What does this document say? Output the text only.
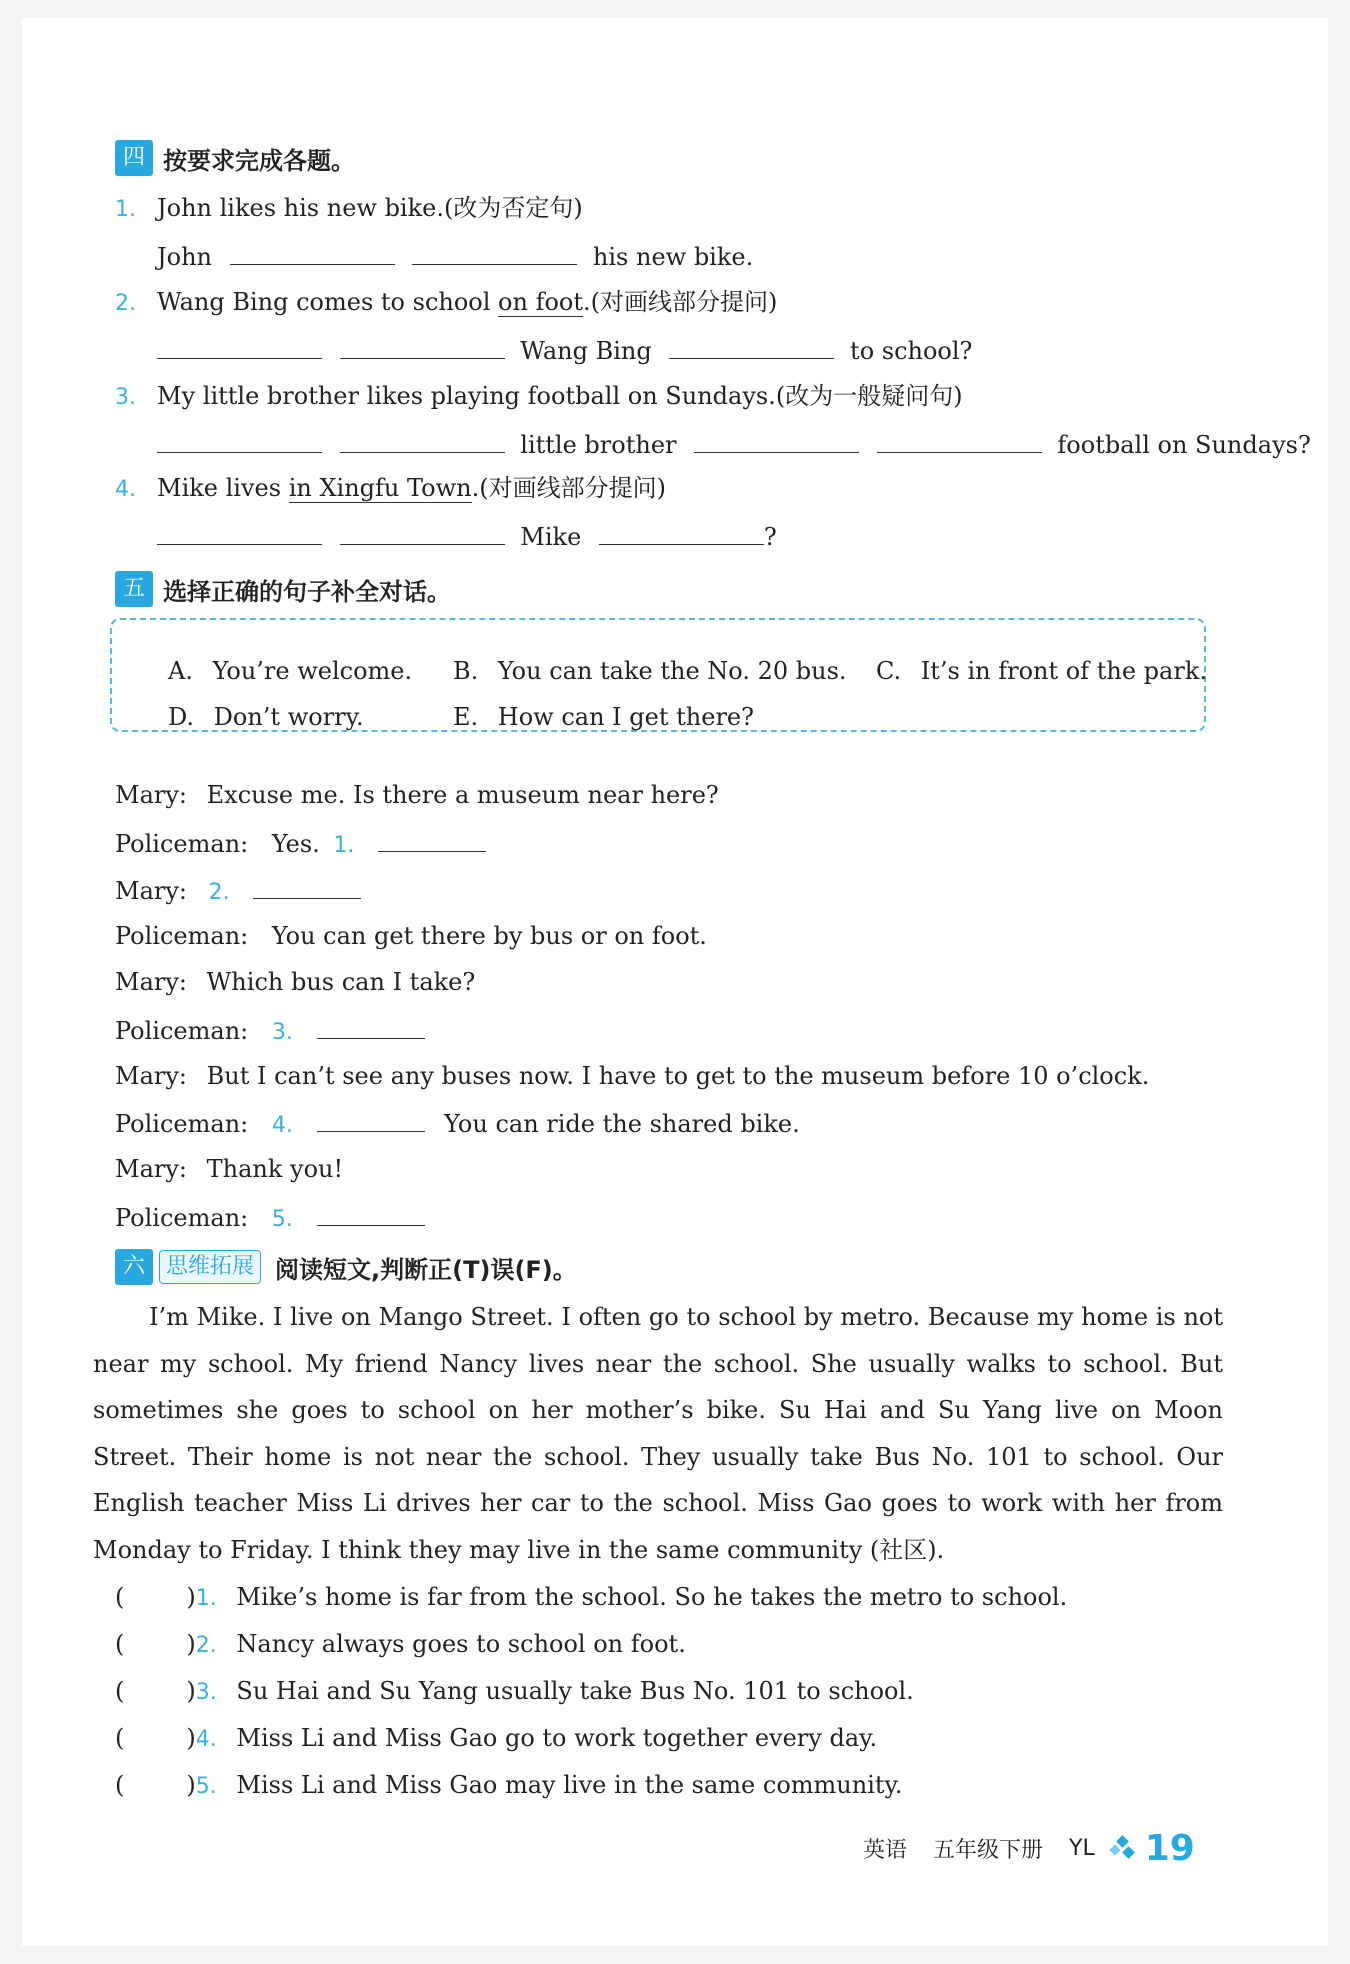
四 按要求完成各题。
1. John likes his new bike.(改为否定句)
John	his new bike.
2. Wang Bing comes to school on foot.(对画线部分提问)
Wang Bing	to school?
3. My little brother likes playing football on Sundays.(改为一般疑问句)
little brother	football on Sundays?
4. Mike lives in Xingfu Town.(对画线部分提问)
Mike	?
五 选择正确的句子补全对话。
A. You’re welcome. B. You can take the No. 20 bus. C. It’s in front of the park.
D. Don’t worry.	E. How can I get there?
Mary: Excuse me. Is there a museum near here?
Policeman: Yes. 1.
Mary: 2.
Policeman: You can get there by bus or on foot.
Mary: Which bus can I take?
Policeman: 3.
Mary: But I can’t see any buses now. I have to get to the museum before 10 o’clock.
Policeman: 4.	You can ride the shared bike.
Mary: Thank you!
Policeman: 5.
六 思维拓展 阅读短文,判断正(T)误(F)。
I’m Mike. I live on Mango Street. I often go to school by metro. Because my home is not near my school. My friend Nancy lives near the school. She usually walks to school. But sometimes she goes to school on her mother’s bike. Su Hai and Su Yang live on Moon Street. Their home is not near the school. They usually take Bus No. 101 to school. Our English teacher Miss Li drives her car to the school. Miss Gao goes to work with her from Monday to Friday. I think they may live in the same community (社区).
(	)1. Mike’s home is far from the school. So he takes the metro to school.
(	)2. Nancy always goes to school on foot.
(	)3. Su Hai and Su Yang usually take Bus No. 101 to school.
(	)4. Miss Li and Miss Gao go to work together every day.
(	)5. Miss Li and Miss Gao may live in the same community.
英语 五年级下册 YL 19
